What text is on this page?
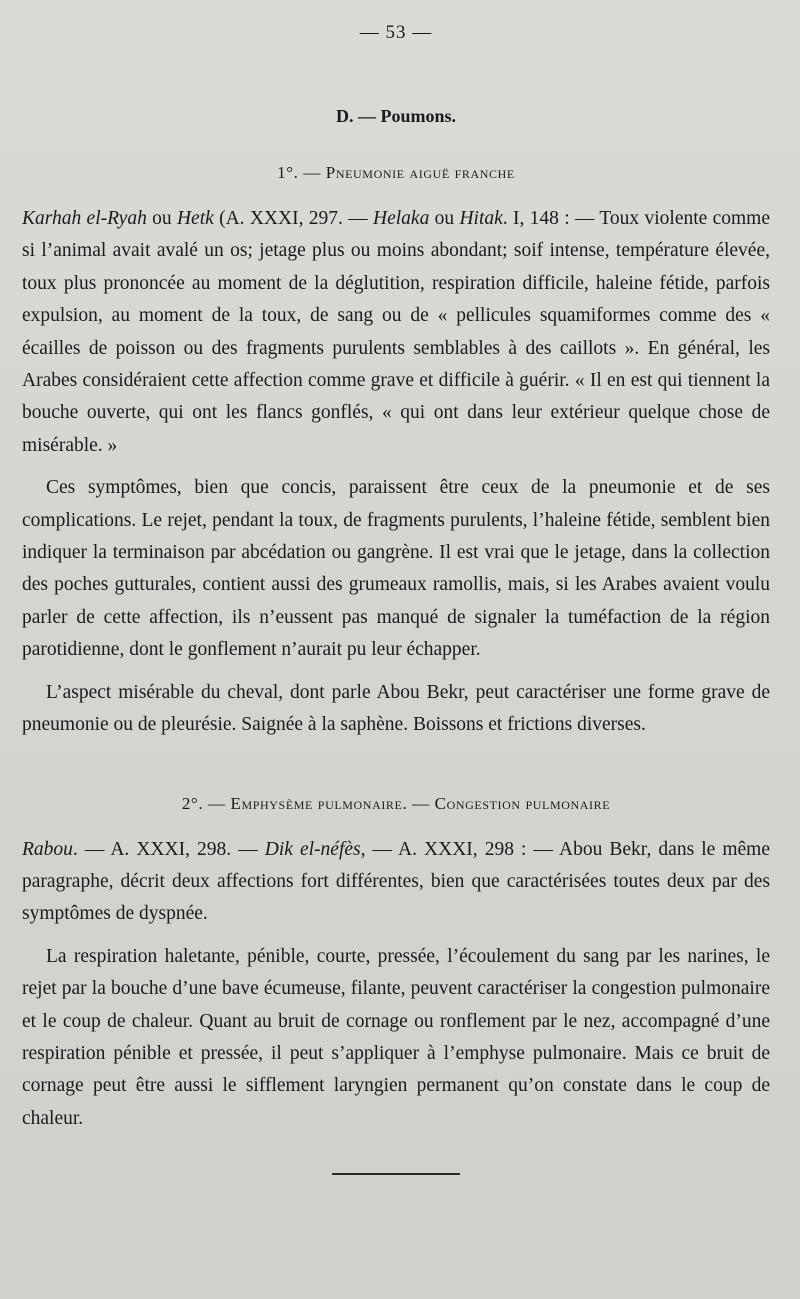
— 53 —
D. — Poumons.
1°. — Pneumonie aiguë franche

Karhah el-Ryah ou Hetk (A. XXXI, 297. — Helaka ou Hitak. I, 148 : — Toux violente comme si l’animal avait avalé un os; jetage plus ou moins abondant; soif intense, température élevée, toux plus prononcée au moment de la déglutition, respiration difficile, haleine fétide, parfois expulsion, au moment de la toux, de sang ou de « pellicules squamiformes comme des « écailles de poisson ou des fragments purulents semblables à des caillots ». En général, les Arabes considéraient cette affection comme grave et difficile à guérir. « Il en est qui tiennent la bouche ouverte, qui ont les flancs gonflés, « qui ont dans leur extérieur quelque chose de misérable. »

Ces symptômes, bien que concis, paraissent être ceux de la pneumonie et de ses complications. Le rejet, pendant la toux, de fragments purulents, l’haleine fétide, semblent bien indiquer la terminaison par abcédation ou gangrène. Il est vrai que le jetage, dans la collection des poches gutturales, contient aussi des grumeaux ramollis, mais, si les Arabes avaient voulu parler de cette affection, ils n’eussent pas manqué de signaler la tuméfaction de la région parotidienne, dont le gonflement n’aurait pu leur échapper.

L’aspect misérable du cheval, dont parle Abou Bekr, peut caractériser une forme grave de pneumonie ou de pleurésie. Saignée à la saphène. Boissons et frictions diverses.

2°. — Emphysème pulmonaire. — Congestion pulmonaire

Rabou. — A. XXXI, 298. — Dik el-néfès, — A. XXXI, 298 : — Abou Bekr, dans le même paragraphe, décrit deux affections fort différentes, bien que caractérisées toutes deux par des symptômes de dyspnée.

La respiration haletante, pénible, courte, pressée, l’écoulement du sang par les narines, le rejet par la bouche d’une bave écumeuse, filante, peuvent caractériser la congestion pulmonaire et le coup de chaleur. Quant au bruit de cornage ou ronflement par le nez, accompagné d’une respiration pénible et pressée, il peut s’appliquer à l’emphyse pulmonaire. Mais ce bruit de cornage peut être aussi le sifflement laryngien permanent qu’on constate dans le coup de chaleur.
